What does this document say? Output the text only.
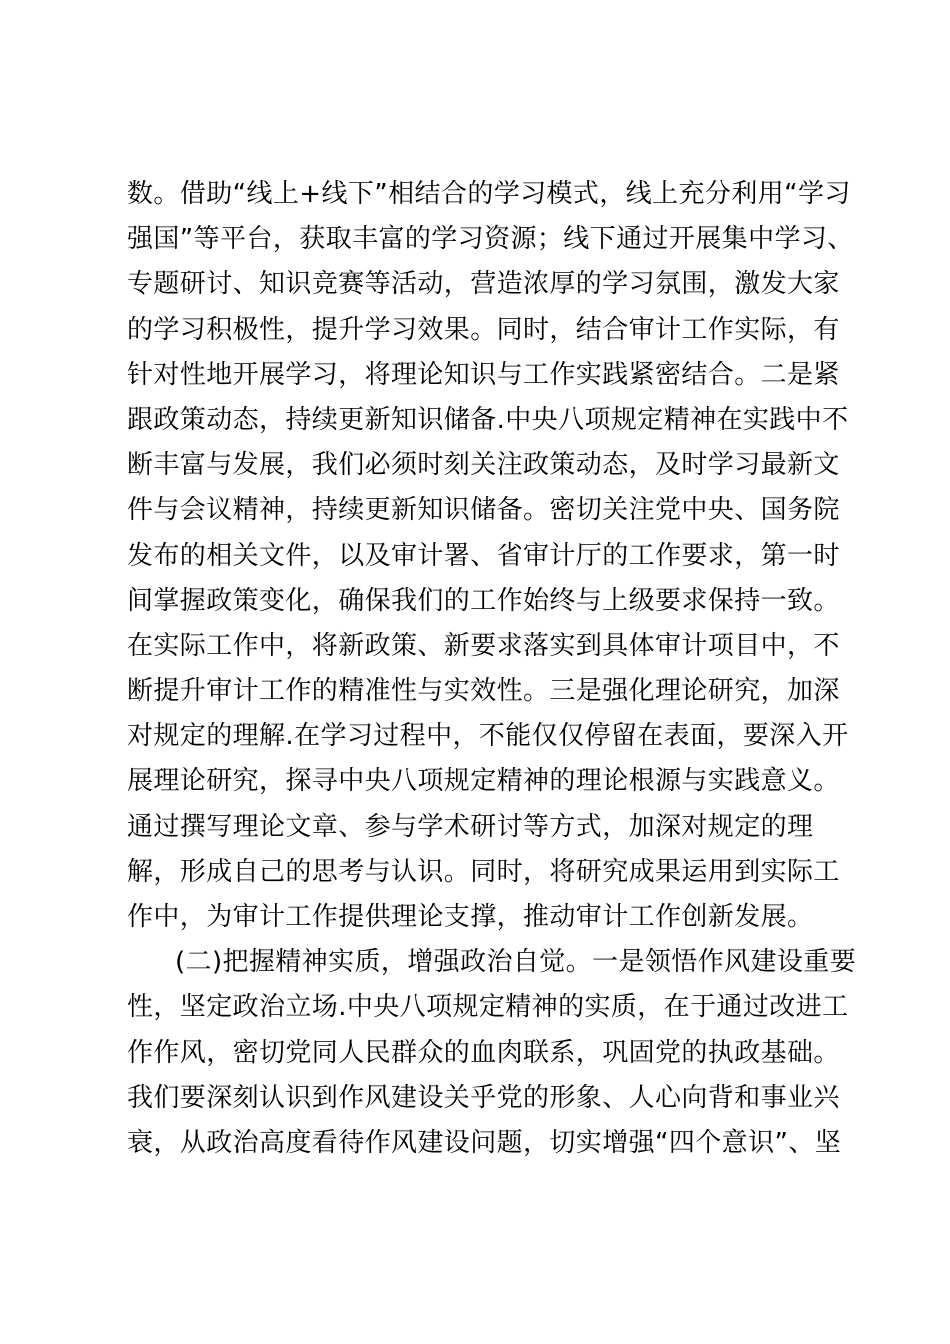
数。借助“线上+线下”相结合的学习模式，线上充分利用“学习
强国”等平台，获取丰富的学习资源；线下通过开展集中学习、
专题研讨、知识竞赛等活动，营造浓厚的学习氛围，激发大家
的学习积极性，提升学习效果。同时，结合审计工作实际，有
针对性地开展学习，将理论知识与工作实践紧密结合。二是紧
跟政策动态，持续更新知识储备.中央八项规定精神在实践中不
断丰富与发展，我们必须时刻关注政策动态，及时学习最新文
件与会议精神，持续更新知识储备。密切关注党中央、国务院
发布的相关文件，以及审计署、省审计厅的工作要求，第一时
间掌握政策变化，确保我们的工作始终与上级要求保持一致。
在实际工作中，将新政策、新要求落实到具体审计项目中，不
断提升审计工作的精准性与实效性。三是强化理论研究，加深
对规定的理解.在学习过程中，不能仅仅停留在表面，要深入开
展理论研究，探寻中央八项规定精神的理论根源与实践意义。
通过撰写理论文章、参与学术研讨等方式，加深对规定的理
解，形成自己的思考与认识。同时，将研究成果运用到实际工
作中，为审计工作提供理论支撑，推动审计工作创新发展。
(二)把握精神实质，增强政治自觉。一是领悟作风建设重要
性，坚定政治立场.中央八项规定精神的实质，在于通过改进工
作作风，密切党同人民群众的血肉联系，巩固党的执政基础。
我们要深刻认识到作风建设关乎党的形象、人心向背和事业兴
衰，从政治高度看待作风建设问题，切实增强“四个意识”、坚
